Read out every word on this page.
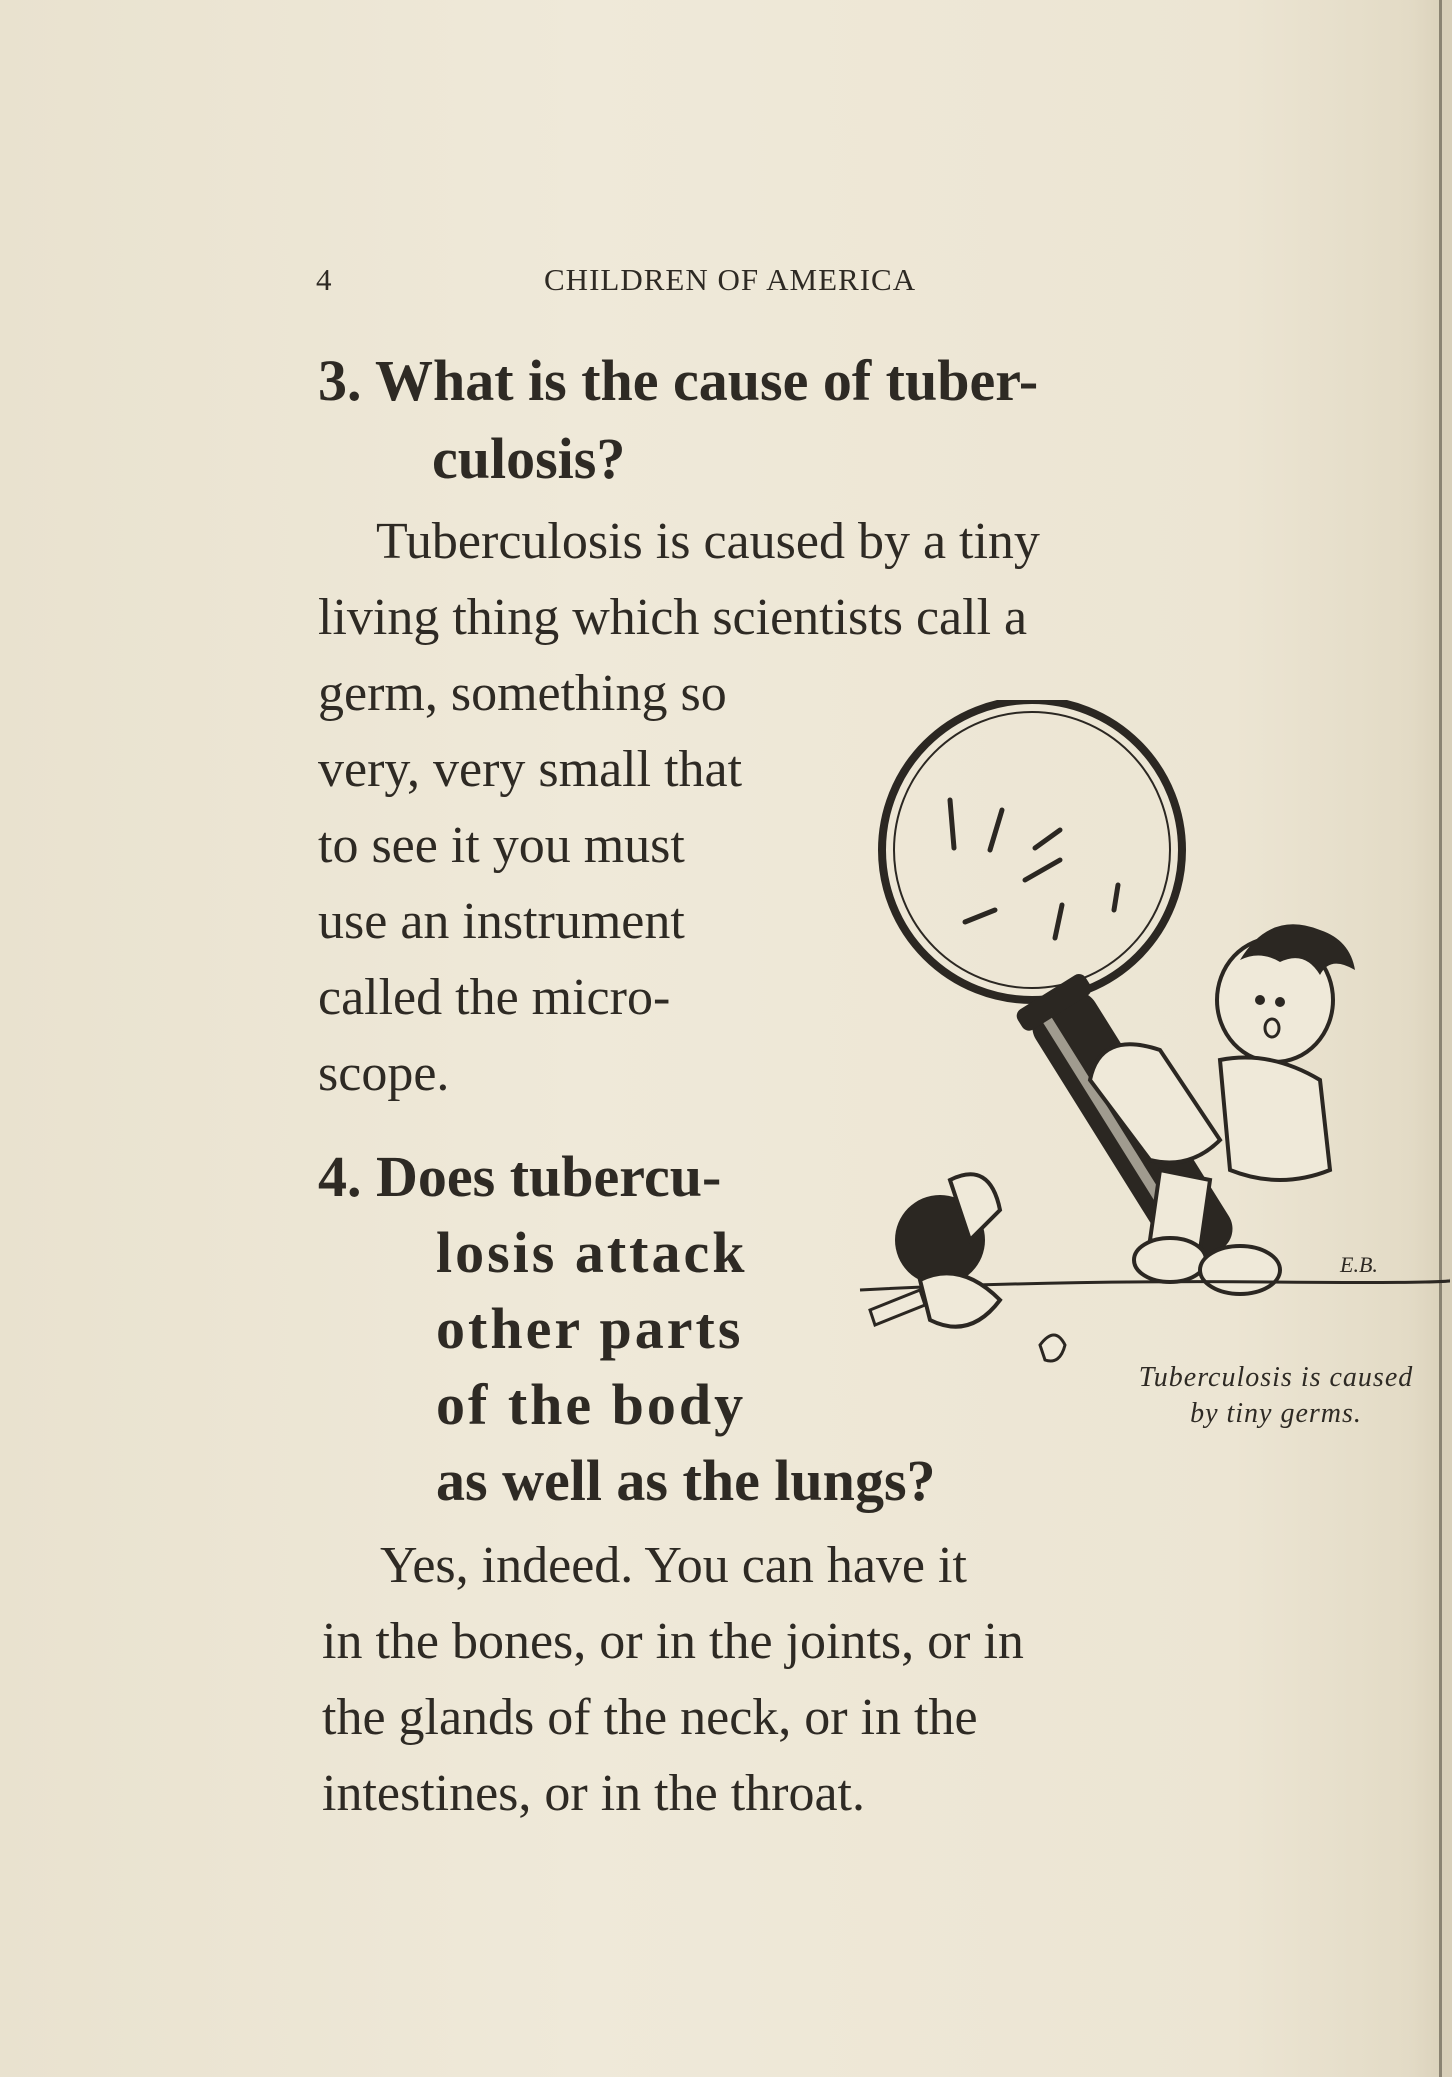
4	CHILDREN OF AMERICA
3. What is the cause of tuber-
culosis?
Tuberculosis is caused by a tiny
living thing which scientists call a
germ, something so
very, very small that
to see it you must
use an instrument
called the micro-
scope.
4. Does tubercu-
losis attack
other parts
of the body
as well as the lungs?
Yes, indeed. You can have it
in the bones, or in the joints, or in
the glands of the neck, or in the
intestines, or in the throat.
E.B.
Tuberculosis is caused
by tiny germs.
